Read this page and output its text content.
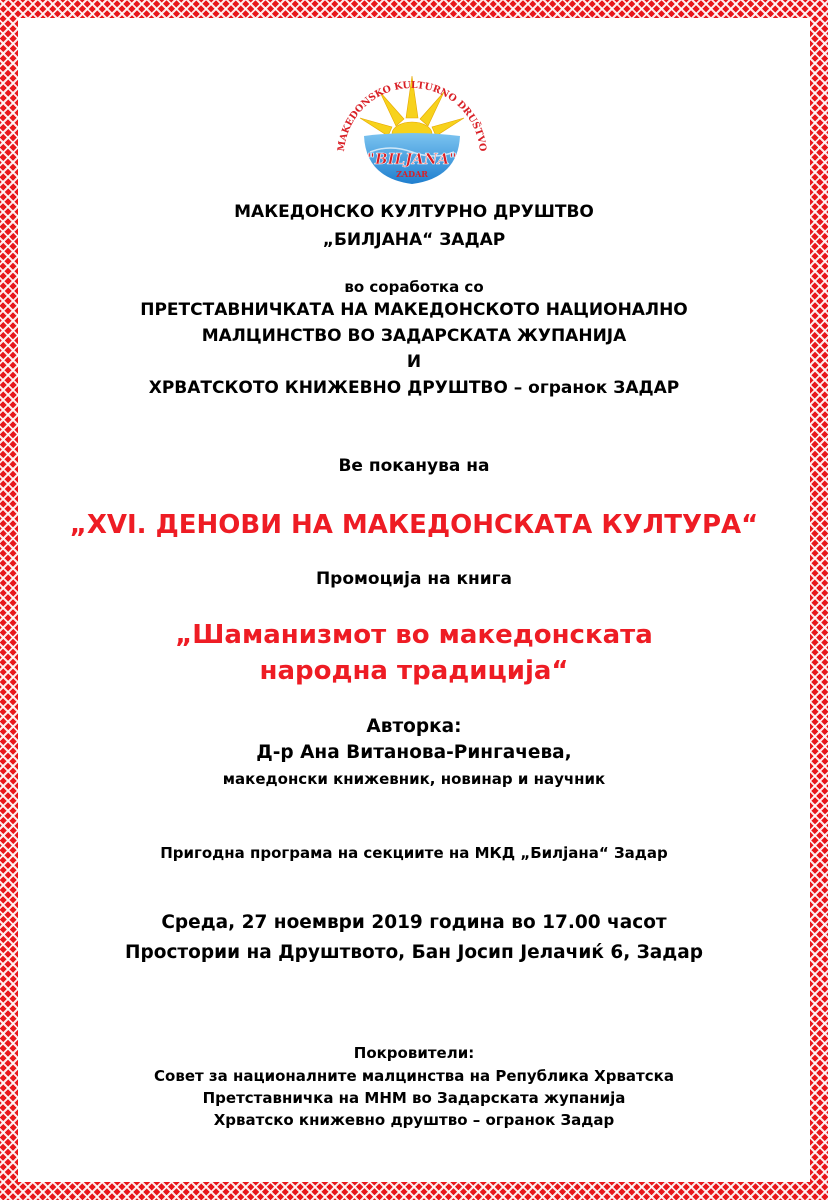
MAKEDONSKO KULTURNO DRUŠTVO
"BILJANA"
ZADAR
МАКЕДОНСКО КУЛТУРНО ДРУШТВО
„БИЛЈАНА“ ЗАДАР
во соработка со
ПРЕТСТАВНИЧКАТА НА МАКЕДОНСКОТО НАЦИОНАЛНО
МАЛЦИНСТВО ВО ЗАДАРСКАТА ЖУПАНИЈА
И
ХРВАТСКОТО КНИЖЕВНО ДРУШТВО – огранок ЗАДАР
Ве поканува на
„XVI. ДЕНОВИ НА МАКЕДОНСКАТА КУЛТУРА“
Промоција на книга
„Шаманизмот во македонската
народна традиција“
Авторка:
Д-р Ана Витанова-Рингачева,
македонски книжевник, новинар и научник
Пригодна програма на секциите на МКД „Билјана“ Задар
Среда, 27 ноември 2019 година во 17.00 часот
Простории на Друштвото, Бан Јосип Јелачиќ 6, Задар
Покровители:
Совет за националните малцинства на Република Хрватска
Претставничка на МНМ во Задарската жупанија
Хрватско книжевно друштво – огранок Задар
